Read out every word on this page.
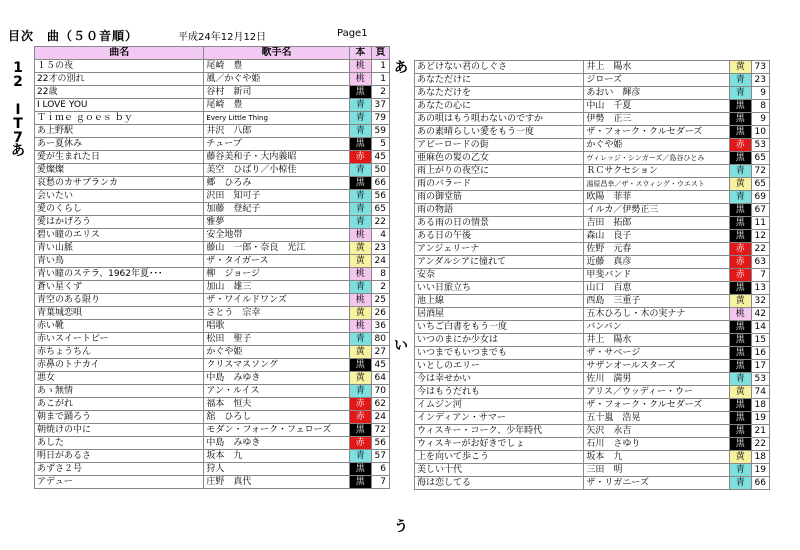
目次　曲（５０音順）	平成24年12月12日	Page1
1
2
I
T
7
あ
あ
い
う
曲名	歌手名	本	頁
１５の夜	尾崎　豊	桃	1
22才の別れ	風／かぐや姫	桃	1
22歳	谷村　新司	黒	2
I LOVE YOU	尾崎　豊	青	37
Ｔｉｍｅ ｇｏｅｓ ｂｙ	Every Little Thing	青	79
あ上野駅	井沢　八郎	青	59
あー夏休み	チューブ	黒	5
愛が生まれた日	藤谷美和子・大内義昭	赤	45
愛燦燦	美空　ひばり／小椋佳	青	50
哀愁のカサブランカ	郷　ひろみ	黒	66
会いたい	沢田　知可子	青	56
愛のくらし	加藤　登紀子	青	65
愛はかげろう	雅夢	青	22
碧い瞳のエリス	安全地帯	桃	4
青い山脈	藤山　一郎・奈良　光江	黄	23
青い鳥	ザ・タイガース	黄	24
青い瞳のステラ、1962年夏･･･	柳　ジョージ	桃	8
蒼い星くず	加山　雄三	青	2
青空のある限り	ザ・ワイルドワンズ	桃	25
青葉城恋唄	さとう　宗幸	黄	26
赤い靴	唱歌	桃	36
赤いスイートピー	松田　聖子	青	80
赤ちょうちん	かぐや姫	黄	27
赤鼻のトナカイ	クリスマスソング	黒	45
悪女	中島　みゆき	黄	64
あゝ無情	アン・ルイス	青	70
あこがれ	福本　恒夫	赤	62
朝まで踊ろう	舘　ひろし	赤	24
朝焼けの中に	モダン・フォーク・フェローズ	黒	72
あした	中島　みゆき	赤	56
明日があるさ	坂本　九	青	57
あずさ２号	狩人	黒	6
アデュー	庄野　真代	黒	7
あどけない君のしぐさ	井上　陽水	黄	73
あなただけに	ジローズ	青	23
あなただけを	あおい　輝彦	青	9
あなたの心に	中山　千夏	黒	8
あの唄はもう唄わないのですか	伊勢　正三	黒	9
あの素晴らしい愛をもう一度	ザ・フォーク・クルセダーズ	黒	10
アビーロードの街	かぐや姫	赤	53
亜麻色の髪の乙女	ヴィレッジ・シンガーズ／島谷ひとみ	黒	65
雨上がりの夜空に	ＲＣサクセション	青	72
雨のバラード	湯原昌幸／ザ・スウィング・ウエスト	黄	65
雨の御堂筋	欧陽　菲菲	青	69
雨の物語	イルカ／伊勢正三	黒	67
ある雨の日の情景	吉田　拓郎	黒	11
ある日の午後	森山　良子	黒	12
アンジェリーナ	佐野　元春	赤	22
アンダルシアに憧れて	近藤　真彦	赤	63
安奈	甲斐バンド	赤	7
いい日旅立ち	山口　百恵	黒	13
池上線	西島　三重子	黄	32
居酒屋	五木ひろし・木の実ナナ	桃	42
いちご白書をもう一度	バンバン	黒	14
いつのまにか少女は	井上　陽水	黒	15
いつまでもいつまでも	ザ・サベージ	黒	16
いとしのエリー	サザンオールスターズ	黒	17
今は幸せかい	佐川　満男	青	53
今はもうだれも	アリス／ウッディー・ウー	黄	74
イムジン河	ザ・フォーク・クルセダーズ	黒	18
インディアン・サマー	五十嵐　浩晃	黒	19
ウィスキー・コーク、少年時代	矢沢　永吉	黒	21
ウィスキーがお好きでしょ	石川　さゆり	黒	22
上を向いて歩こう	坂本　九	黄	18
美しい十代	三田　明	青	19
海は恋してる	ザ・リガニーズ	青	66
